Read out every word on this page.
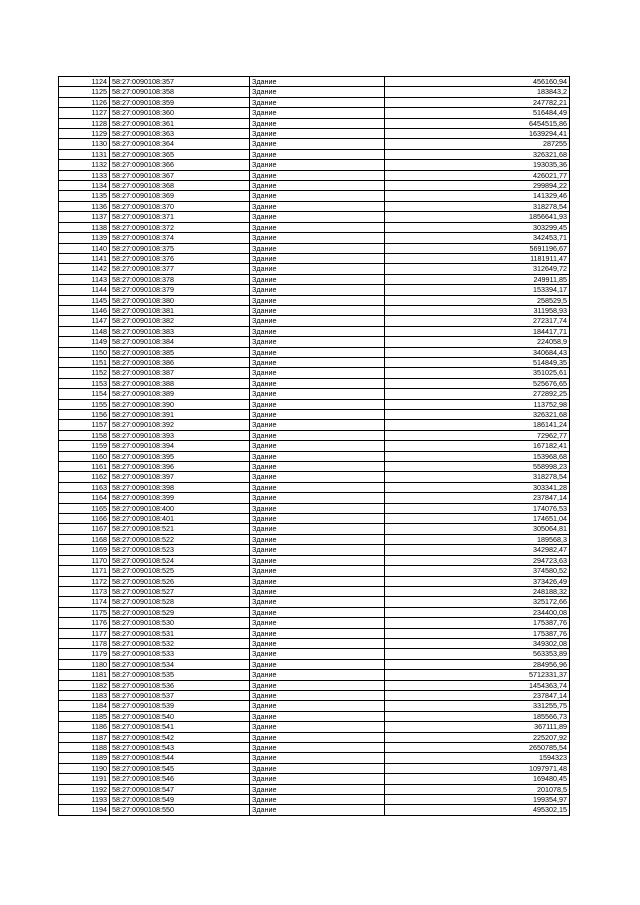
1124	58:27:0090108:357	Здание	456160,94
1125	58:27:0090108:358	Здание	183843,2
1126	58:27:0090108:359	Здание	247782,21
1127	58:27:0090108:360	Здание	516484,49
1128	58:27:0090108:361	Здание	6454515,86
1129	58:27:0090108:363	Здание	1639294,41
1130	58:27:0090108:364	Здание	287255
1131	58:27:0090108:365	Здание	326321,68
1132	58:27:0090108:366	Здание	193035,36
1133	58:27:0090108:367	Здание	426021,77
1134	58:27:0090108:368	Здание	299894,22
1135	58:27:0090108:369	Здание	141329,46
1136	58:27:0090108:370	Здание	318278,54
1137	58:27:0090108:371	Здание	1856641,93
1138	58:27:0090108:372	Здание	303299,45
1139	58:27:0090108:374	Здание	342453,71
1140	58:27:0090108:375	Здание	5691196,67
1141	58:27:0090108:376	Здание	1181911,47
1142	58:27:0090108:377	Здание	312649,72
1143	58:27:0090108:378	Здание	249911,85
1144	58:27:0090108:379	Здание	153394,17
1145	58:27:0090108:380	Здание	258529,5
1146	58:27:0090108:381	Здание	311958,93
1147	58:27:0090108:382	Здание	272317,74
1148	58:27:0090108:383	Здание	184417,71
1149	58:27:0090108:384	Здание	224058,9
1150	58:27:0090108:385	Здание	340684,43
1151	58:27:0090108:386	Здание	514849,35
1152	58:27:0090108:387	Здание	351025,61
1153	58:27:0090108:388	Здание	525676,65
1154	58:27:0090108:389	Здание	272892,25
1155	58:27:0090108:390	Здание	113752,98
1156	58:27:0090108:391	Здание	326321,68
1157	58:27:0090108:392	Здание	186141,24
1158	58:27:0090108:393	Здание	72962,77
1159	58:27:0090108:394	Здание	167182,41
1160	58:27:0090108:395	Здание	153968,68
1161	58:27:0090108:396	Здание	558998,23
1162	58:27:0090108:397	Здание	318278,54
1163	58:27:0090108:398	Здание	303341,28
1164	58:27:0090108:399	Здание	237847,14
1165	58:27:0090108:400	Здание	174076,53
1166	58:27:0090108:401	Здание	174651,04
1167	58:27:0090108:521	Здание	305064,81
1168	58:27:0090108:522	Здание	189568,3
1169	58:27:0090108:523	Здание	342982,47
1170	58:27:0090108:524	Здание	294723,63
1171	58:27:0090108:525	Здание	374580,52
1172	58:27:0090108:526	Здание	373426,49
1173	58:27:0090108:527	Здание	248188,32
1174	58:27:0090108:528	Здание	325172,66
1175	58:27:0090108:529	Здание	234400,08
1176	58:27:0090108:530	Здание	175387,76
1177	58:27:0090108:531	Здание	175387,76
1178	58:27:0090108:532	Здание	349302,08
1179	58:27:0090108:533	Здание	563353,89
1180	58:27:0090108:534	Здание	284956,96
1181	58:27:0090108:535	Здание	5712331,37
1182	58:27:0090108:536	Здание	1454363,74
1183	58:27:0090108:537	Здание	237847,14
1184	58:27:0090108:539	Здание	331255,75
1185	58:27:0090108:540	Здание	185566,73
1186	58:27:0090108:541	Здание	367111,89
1187	58:27:0090108:542	Здание	225207,92
1188	58:27:0090108:543	Здание	2650785,54
1189	58:27:0090108:544	Здание	1594323
1190	58:27:0090108:545	Здание	1097971,48
1191	58:27:0090108:546	Здание	169480,45
1192	58:27:0090108:547	Здание	201078,5
1193	58:27:0090108:549	Здание	199354,97
1194	58:27:0090108:550	Здание	495302,15
